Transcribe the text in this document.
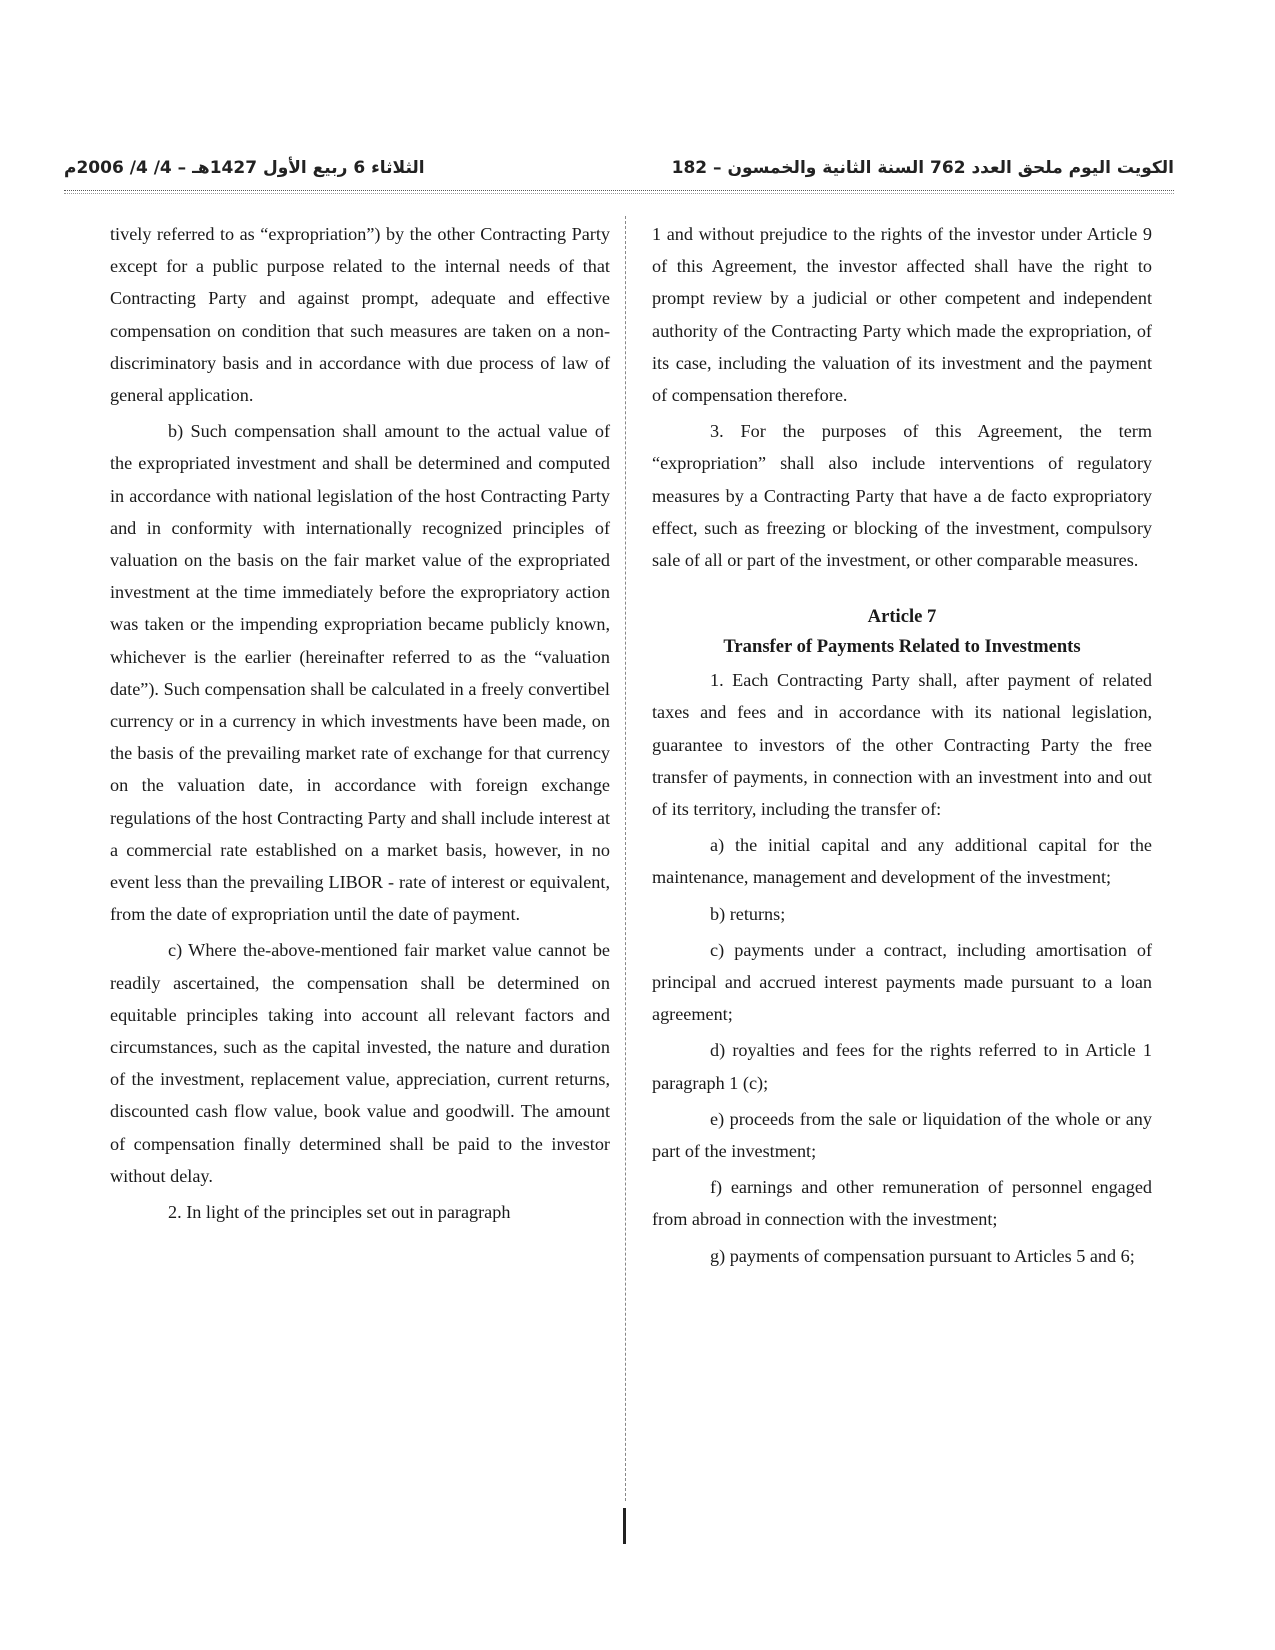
الكويت اليوم ملحق العدد 762 السنة الثانية والخمسون – 182
الثلاثاء 6 ربيع الأول 1427هـ – 4/ 4/ 2006م

tively referred to as “expropriation”) by the other Contracting Party except for a public purpose related to the internal needs of that Contracting Party and against prompt, adequate and effective compensation on condition that such measures are taken on a non-discriminatory basis and in accordance with due process of law of general application.

b) Such compensation shall amount to the actual value of the expropriated investment and shall be determined and computed in accordance with national legislation of the host Contracting Party and in conformity with internationally recognized principles of valuation on the basis on the fair market value of the expropriated investment at the time immediately before the expropriatory action was taken or the impending expropriation became publicly known, whichever is the earlier (hereinafter referred to as the “valuation date”). Such compensation shall be calculated in a freely convertibel currency or in a currency in which investments have been made, on the basis of the prevailing market rate of exchange for that currency on the valuation date, in accordance with foreign exchange regulations of the host Contracting Party and shall include interest at a commercial rate established on a market basis, however, in no event less than the prevailing LIBOR - rate of interest or equivalent, from the date of expropriation until the date of payment.

c) Where the-above-mentioned fair market value cannot be readily ascertained, the compensation shall be determined on equitable principles taking into account all relevant factors and circumstances, such as the capital invested, the nature and duration of the investment, replacement value, appreciation, current returns, discounted cash flow value, book value and goodwill. The amount of compensation finally determined shall be paid to the investor without delay.

2. In light of the principles set out in paragraph

1 and without prejudice to the rights of the investor under Article 9 of this Agreement, the investor affected shall have the right to prompt review by a judicial or other competent and independent authority of the Contracting Party which made the expropriation, of its case, including the valuation of its investment and the payment of compensation therefore.

3. For the purposes of this Agreement, the term “expropriation” shall also include interventions of regulatory measures by a Contracting Party that have a de facto expropriatory effect, such as freezing or blocking of the investment, compulsory sale of all or part of the investment, or other comparable measures.

Article 7
Transfer of Payments Related to Investments

1. Each Contracting Party shall, after payment of related taxes and fees and in accordance with its national legislation, guarantee to investors of the other Contracting Party the free transfer of payments, in connection with an investment into and out of its territory, including the transfer of:

a) the initial capital and any additional capital for the maintenance, management and development of the investment;

b) returns;

c) payments under a contract, including amortisation of principal and accrued interest payments made pursuant to a loan agreement;

d) royalties and fees for the rights referred to in Article 1 paragraph 1 (c);

e) proceeds from the sale or liquidation of the whole or any part of the investment;

f) earnings and other remuneration of personnel engaged from abroad in connection with the investment;

g) payments of compensation pursuant to Articles 5 and 6;
